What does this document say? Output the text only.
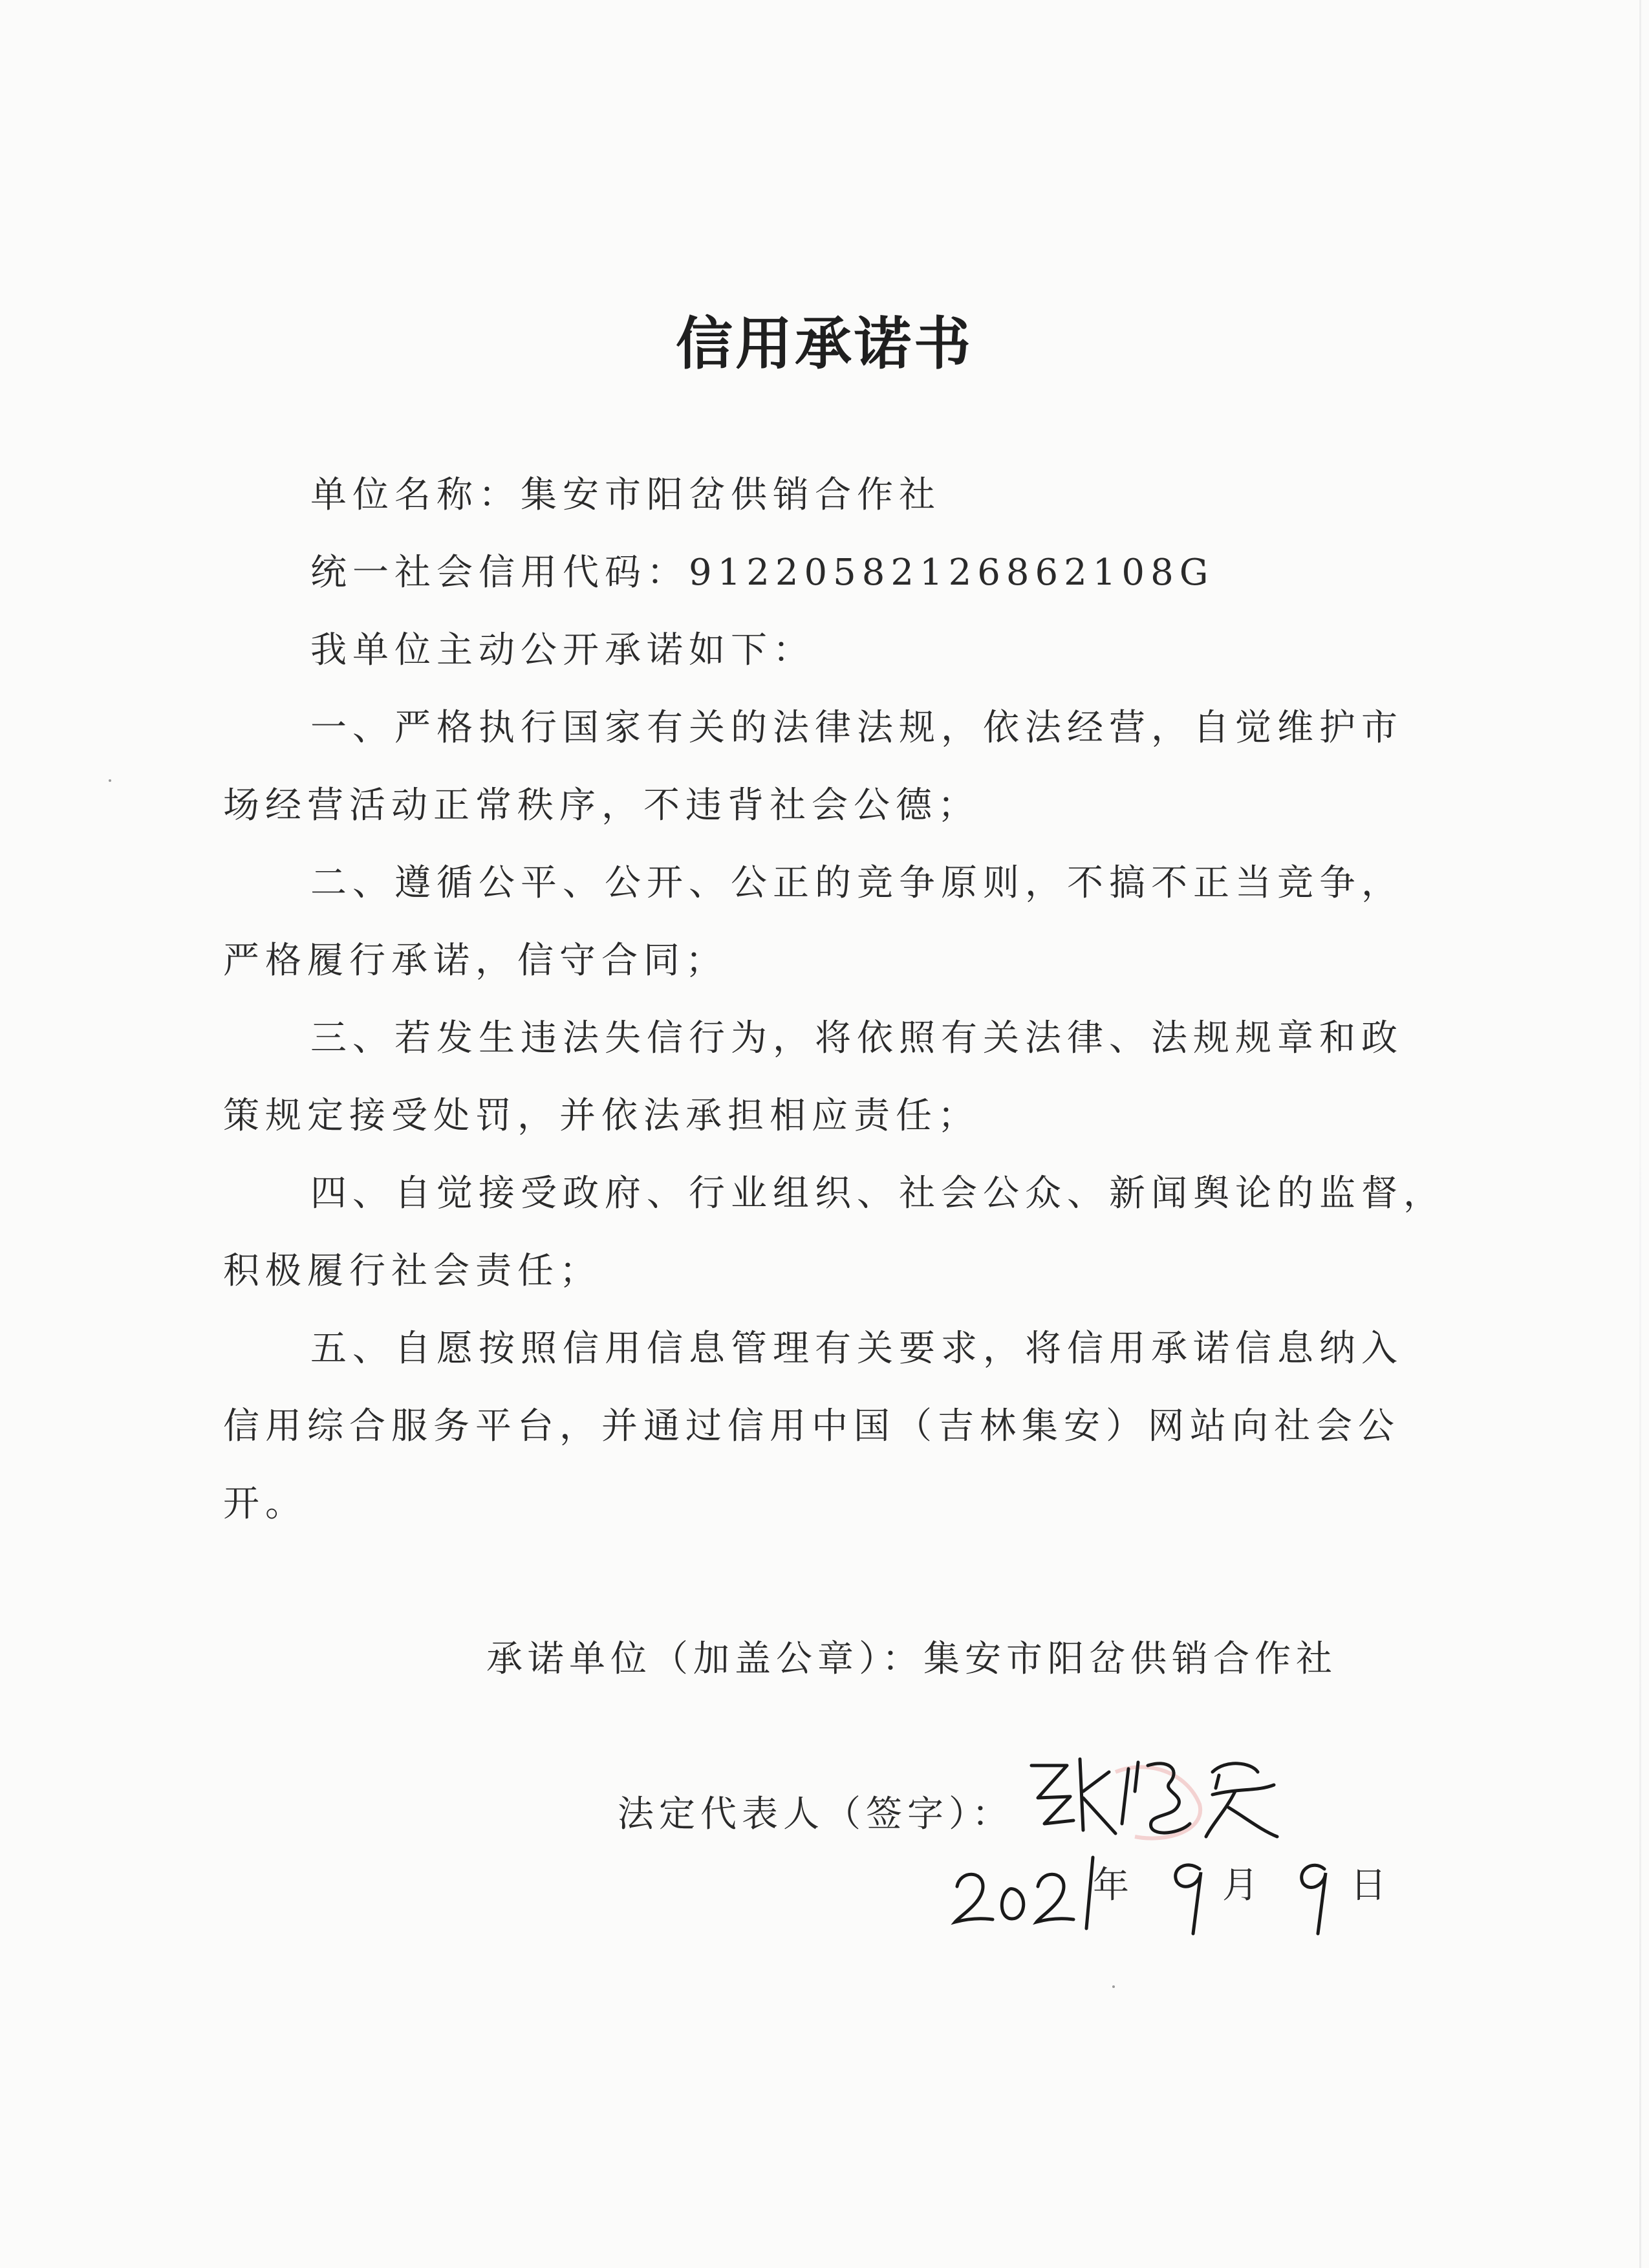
信用承诺书
单位名称：集安市阳岔供销合作社
统一社会信用代码：91220582126862108G
我单位主动公开承诺如下：
一、严格执行国家有关的法律法规，依法经营，自觉维护市
场经营活动正常秩序，不违背社会公德；
二、遵循公平、公开、公正的竞争原则，不搞不正当竞争，
严格履行承诺，信守合同；
三、若发生违法失信行为，将依照有关法律、法规规章和政
策规定接受处罚，并依法承担相应责任；
四、自觉接受政府、行业组织、社会公众、新闻舆论的监督，
积极履行社会责任；
五、自愿按照信用信息管理有关要求，将信用承诺信息纳入
信用综合服务平台，并通过信用中国（吉林集安）网站向社会公
开。
承诺单位（加盖公章）：集安市阳岔供销合作社
法定代表人（签字）：
年	月	日
